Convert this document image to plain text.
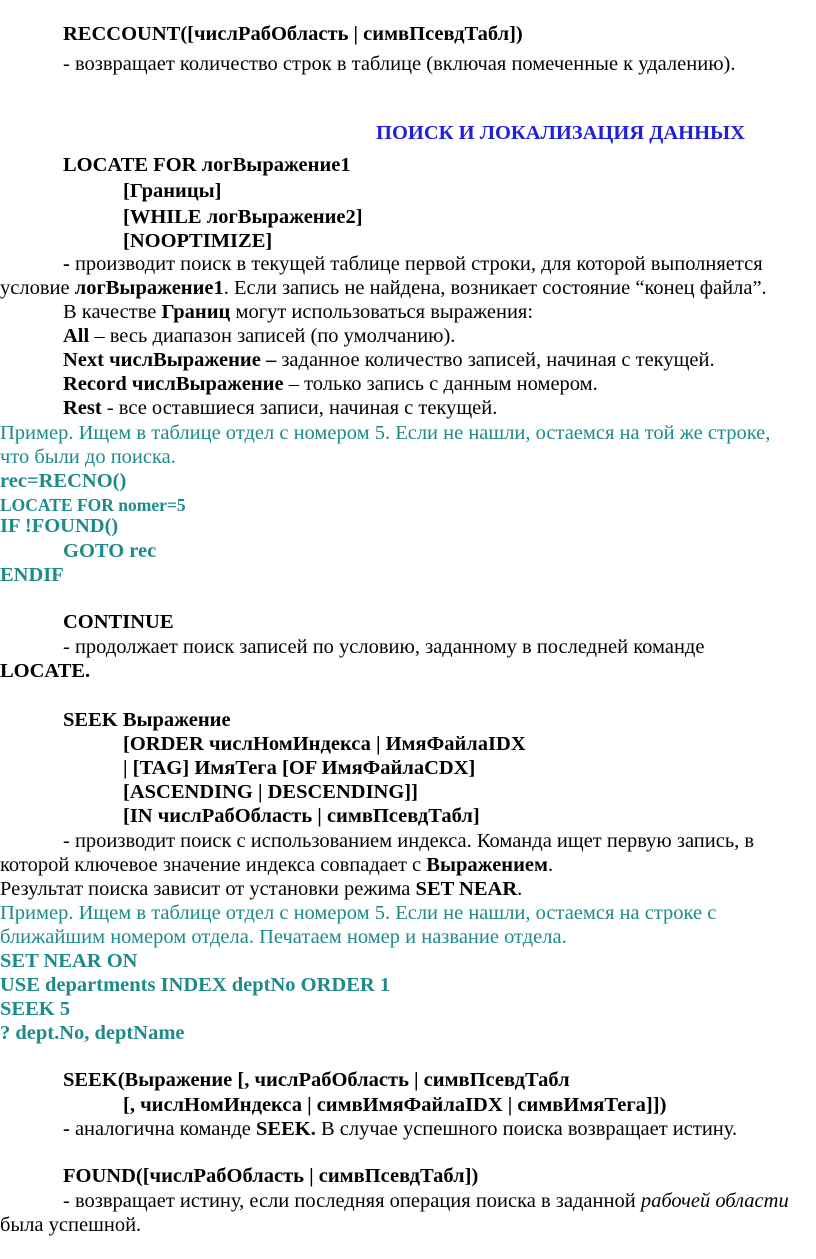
RECCOUNT([числРабОбласть | симвПсевдТабл])
- возвращает количество строк в таблице (включая помеченные к удалению).
ПОИСК И ЛОКАЛИЗАЦИЯ ДАННЫХ
LOCATE FOR логВыражение1
[Границы]
[WHILE логВыражение2]
[NOOPTIMIZE]
- производит поиск в текущей таблице первой строки, для которой выполняется
условие логВыражение1. Если запись не найдена, возникает состояние “конец файла”.
В качестве Границ могут использоваться выражения:
All – весь диапазон записей (по умолчанию).
Next числВыражение – заданное количество записей, начиная с текущей.
Record числВыражение – только запись с данным номером.
Rest - все оставшиеся записи, начиная с текущей.
Пример. Ищем в таблице отдел с номером 5. Если не нашли, остаемся на той же строке,
что были до поиска.
rec=RECNO()
LOCATE FOR nomer=5
IF !FOUND()
GOTO rec
ENDIF
CONTINUE
- продолжает поиск записей по условию, заданному в последней команде
LOCATE.
SEEK Выражение
[ORDER числНомИндекса | ИмяФайлаIDX
| [TAG] ИмяТега [OF ИмяФайлаCDX]
[ASCENDING | DESCENDING]]
[IN числРабОбласть | симвПсевдТабл]
- производит поиск с использованием индекса. Команда ищет первую запись, в
которой ключевое значение индекса совпадает с Выражением.
Результат поиска зависит от установки режима SET NEAR.
Пример. Ищем в таблице отдел с номером 5. Если не нашли, остаемся на строке с
ближайшим номером отдела. Печатаем номер и название отдела.
SET NEAR ON
USE departments INDEX deptNo ORDER 1
SEEK 5
? dept.No, deptName
SEEK(Выражение [, числРабОбласть | симвПсевдТабл
[, числНомИндекса | симвИмяФайлаIDX | симвИмяТега]])
- аналогична команде SEEK. В случае успешного поиска возвращает истину.
FOUND([числРабОбласть | симвПсевдТабл])
- возвращает истину, если последняя операция поиска в заданной рабочей области
была успешной.
